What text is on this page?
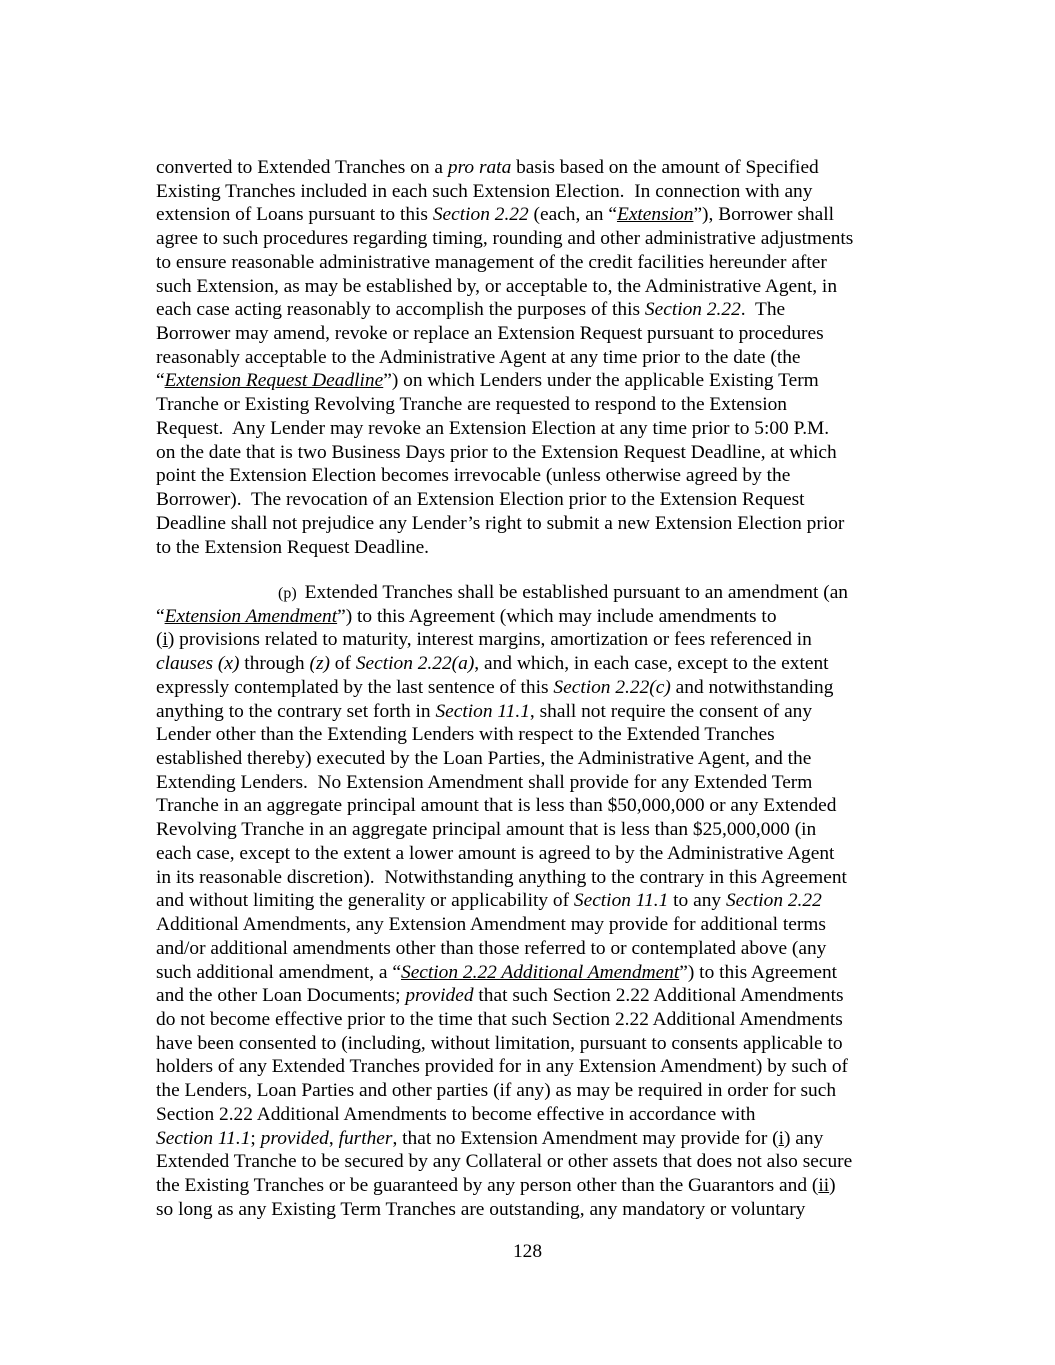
converted to Extended Tranches on a pro rata basis based on the amount of Specified
Existing Tranches included in each such Extension Election.  In connection with any
extension of Loans pursuant to this Section 2.22 (each, an “Extension”), Borrower shall
agree to such procedures regarding timing, rounding and other administrative adjustments
to ensure reasonable administrative management of the credit facilities hereunder after
such Extension, as may be established by, or acceptable to, the Administrative Agent, in
each case acting reasonably to accomplish the purposes of this Section 2.22.  The
Borrower may amend, revoke or replace an Extension Request pursuant to procedures
reasonably acceptable to the Administrative Agent at any time prior to the date (the
“Extension Request Deadline”) on which Lenders under the applicable Existing Term
Tranche or Existing Revolving Tranche are requested to respond to the Extension
Request.  Any Lender may revoke an Extension Election at any time prior to 5:00 P.M.
on the date that is two Business Days prior to the Extension Request Deadline, at which
point the Extension Election becomes irrevocable (unless otherwise agreed by the
Borrower).  The revocation of an Extension Election prior to the Extension Request
Deadline shall not prejudice any Lender’s right to submit a new Extension Election prior
to the Extension Request Deadline.
(p)  Extended Tranches shall be established pursuant to an amendment (an
“Extension Amendment”) to this Agreement (which may include amendments to
(i) provisions related to maturity, interest margins, amortization or fees referenced in
clauses (x) through (z) of Section 2.22(a), and which, in each case, except to the extent
expressly contemplated by the last sentence of this Section 2.22(c) and notwithstanding
anything to the contrary set forth in Section 11.1, shall not require the consent of any
Lender other than the Extending Lenders with respect to the Extended Tranches
established thereby) executed by the Loan Parties, the Administrative Agent, and the
Extending Lenders.  No Extension Amendment shall provide for any Extended Term
Tranche in an aggregate principal amount that is less than $50,000,000 or any Extended
Revolving Tranche in an aggregate principal amount that is less than $25,000,000 (in
each case, except to the extent a lower amount is agreed to by the Administrative Agent
in its reasonable discretion).  Notwithstanding anything to the contrary in this Agreement
and without limiting the generality or applicability of Section 11.1 to any Section 2.22
Additional Amendments, any Extension Amendment may provide for additional terms
and/or additional amendments other than those referred to or contemplated above (any
such additional amendment, a “Section 2.22 Additional Amendment”) to this Agreement
and the other Loan Documents; provided that such Section 2.22 Additional Amendments
do not become effective prior to the time that such Section 2.22 Additional Amendments
have been consented to (including, without limitation, pursuant to consents applicable to
holders of any Extended Tranches provided for in any Extension Amendment) by such of
the Lenders, Loan Parties and other parties (if any) as may be required in order for such
Section 2.22 Additional Amendments to become effective in accordance with
Section 11.1; provided, further, that no Extension Amendment may provide for (i) any
Extended Tranche to be secured by any Collateral or other assets that does not also secure
the Existing Tranches or be guaranteed by any person other than the Guarantors and (ii)
so long as any Existing Term Tranches are outstanding, any mandatory or voluntary
128
